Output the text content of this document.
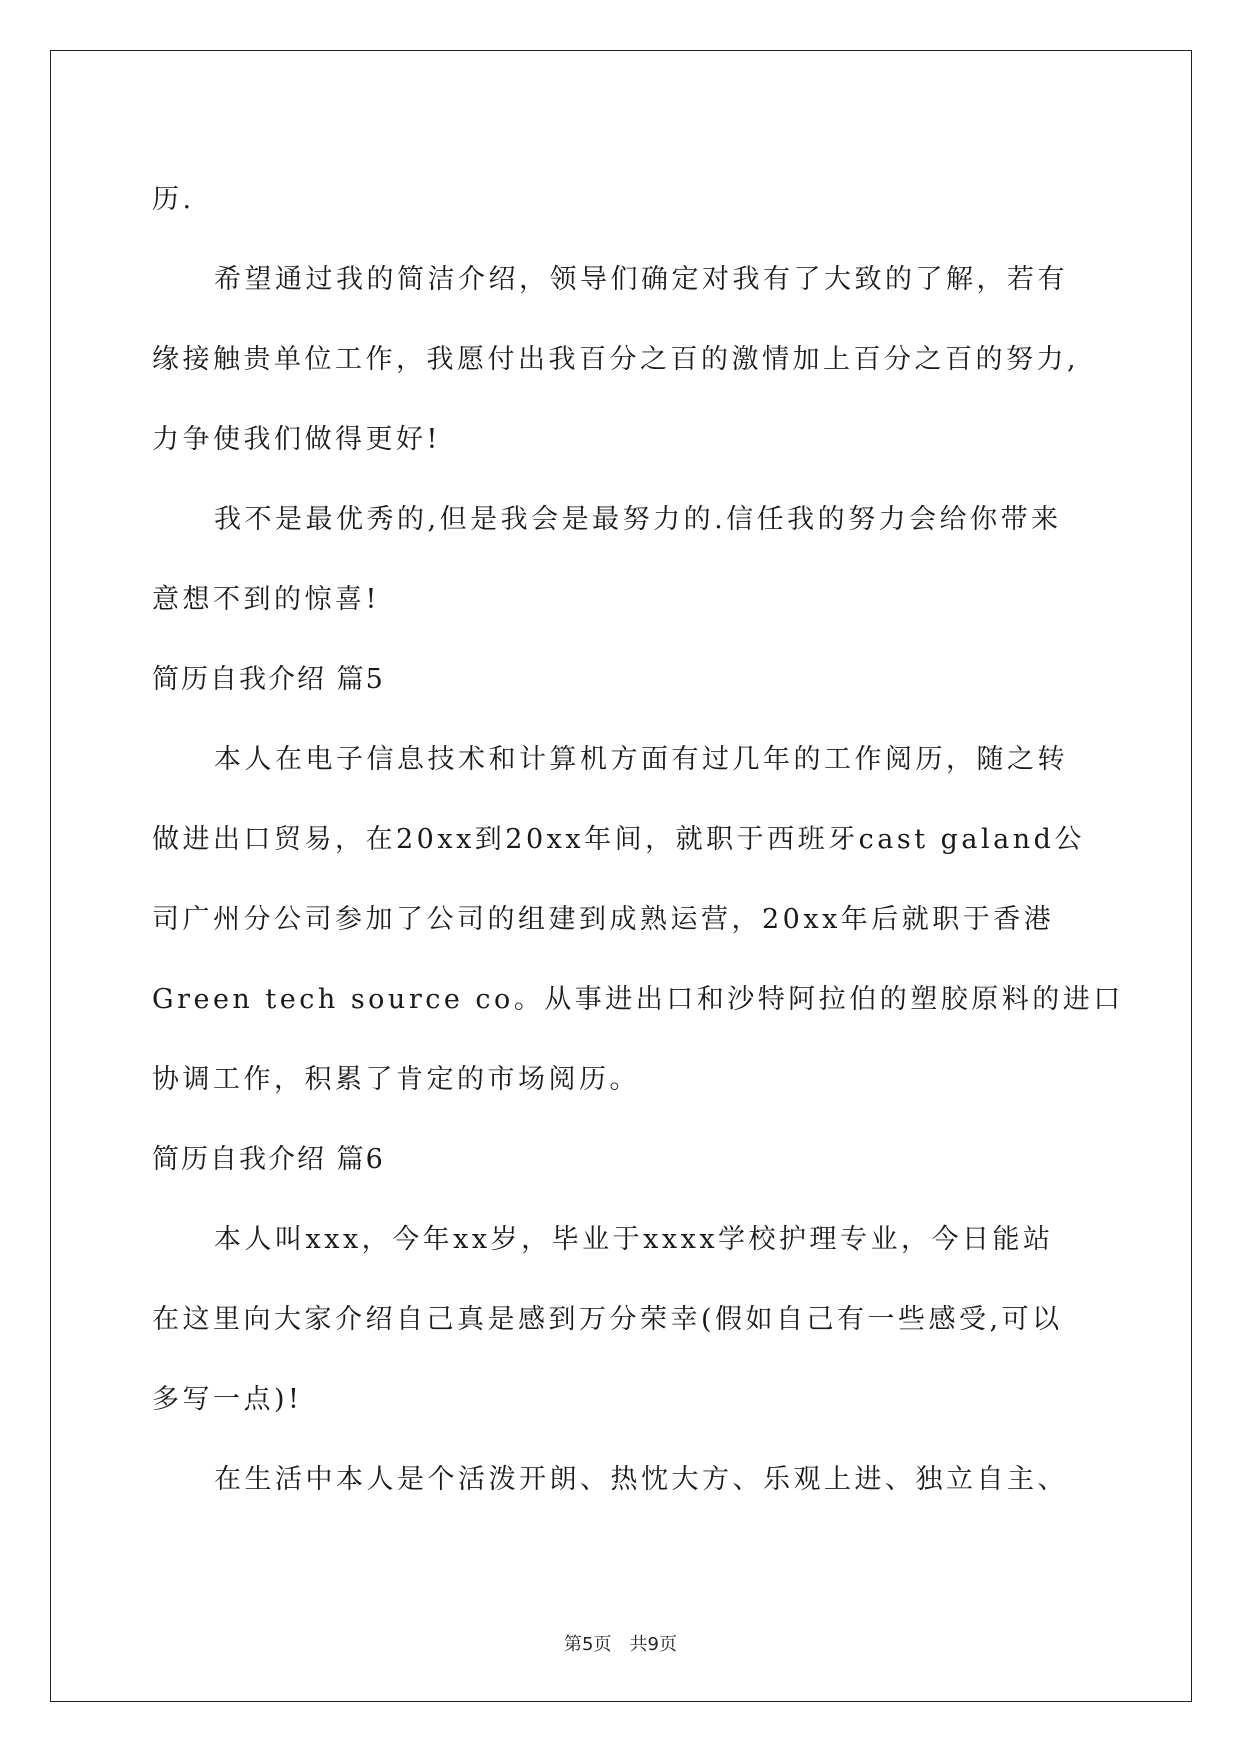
历.
希望通过我的简洁介绍，领导们确定对我有了大致的了解，若有
缘接触贵单位工作，我愿付出我百分之百的激情加上百分之百的努力,
力争使我们做得更好!
我不是最优秀的,但是我会是最努力的.信任我的努力会给你带来
意想不到的惊喜!
简历自我介绍 篇5
本人在电子信息技术和计算机方面有过几年的工作阅历，随之转
做进出口贸易，在20xx到20xx年间，就职于西班牙cast galand公
司广州分公司参加了公司的组建到成熟运营，20xx年后就职于香港
Green tech source co。从事进出口和沙特阿拉伯的塑胶原料的进口
协调工作，积累了肯定的市场阅历。
简历自我介绍 篇6
本人叫xxx，今年xx岁，毕业于xxxx学校护理专业，今日能站
在这里向大家介绍自己真是感到万分荣幸(假如自己有一些感受,可以
多写一点)!
在生活中本人是个活泼开朗、热忱大方、乐观上进、独立自主、
第5页 共9页
